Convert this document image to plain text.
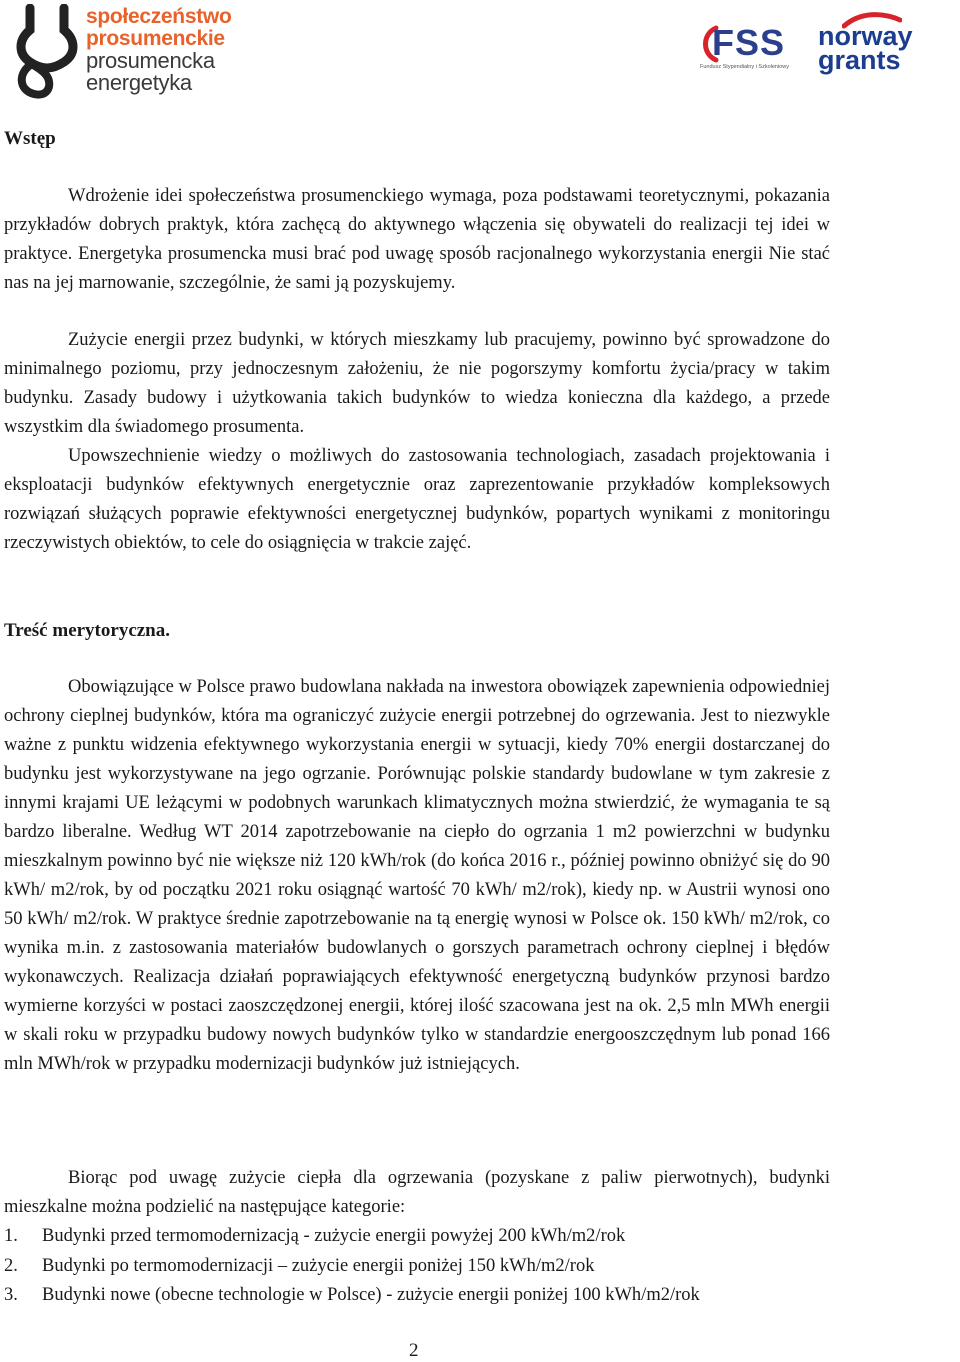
społeczeństwo
prosumenckie
prosumencka
energetyka
FSS
Fundusz Stypendialny i Szkoleniowy
norway
grants
Wstęp

Wdrożenie idei społeczeństwa prosumenckiego wymaga, poza podstawami teoretycznymi, pokazania przykładów dobrych praktyk, która zachęcą do aktywnego włączenia się obywateli do realizacji tej idei w praktyce. Energetyka prosumencka musi brać pod uwagę sposób racjonalnego wykorzystania energii Nie stać nas na jej marnowanie, szczególnie, że sami ją pozyskujemy.

Zużycie energii przez budynki, w których mieszkamy lub pracujemy, powinno być sprowadzone do minimalnego poziomu, przy jednoczesnym założeniu, że nie pogorszymy komfortu życia/pracy w takim budynku. Zasady budowy i użytkowania takich budynków to wiedza konieczna dla każdego, a przede wszystkim dla świadomego prosumenta.

Upowszechnienie wiedzy o możliwych do zastosowania technologiach, zasadach projektowania i eksploatacji budynków efektywnych energetycznie oraz zaprezentowanie przykładów kompleksowych rozwiązań służących poprawie efektywności energetycznej budynków, popartych wynikami z monitoringu rzeczywistych obiektów, to cele do osiągnięcia w trakcie zajęć.

Treść merytoryczna.

Obowiązujące w Polsce prawo budowlana nakłada na inwestora obowiązek zapewnienia odpowiedniej ochrony cieplnej budynków, która ma ograniczyć zużycie energii potrzebnej do ogrzewania. Jest to niezwykle ważne z punktu widzenia efektywnego wykorzystania energii w sytuacji, kiedy 70% energii dostarczanej do budynku jest wykorzystywane na jego ogrzanie. Porównując polskie standardy budowlane w tym zakresie z innymi krajami UE leżącymi w podobnych warunkach klimatycznych można stwierdzić, że wymagania te są bardzo liberalne. Według WT 2014 zapotrzebowanie na ciepło do ogrzania 1 m2 powierzchni w budynku mieszkalnym powinno być nie większe niż 120 kWh/rok (do końca 2016 r., później powinno obniżyć się do 90 kWh/ m2/rok, by od początku 2021 roku osiągnąć wartość 70 kWh/ m2/rok), kiedy np. w Austrii wynosi ono 50 kWh/ m2/rok. W praktyce średnie zapotrzebowanie na tą energię wynosi w Polsce ok. 150 kWh/ m2/rok, co wynika m.in. z zastosowania materiałów budowlanych o gorszych parametrach ochrony cieplnej i błędów wykonawczych. Realizacja działań poprawiających efektywność energetyczną budynków przynosi bardzo wymierne korzyści w postaci zaoszczędzonej energii, której ilość szacowana jest na ok. 2,5 mln MWh energii w skali roku w przypadku budowy nowych budynków tylko w standardzie energooszczędnym lub ponad 166 mln MWh/rok w przypadku modernizacji budynków już istniejących.

Biorąc pod uwagę zużycie ciepła dla ogrzewania (pozyskane z paliw pierwotnych), budynki mieszkalne można podzielić na następujące kategorie:

1.	Budynki przed termomodernizacją - zużycie energii powyżej 200 kWh/m2/rok
2.	Budynki po termomodernizacji – zużycie energii poniżej 150 kWh/m2/rok
3.	Budynki nowe (obecne technologie w Polsce) - zużycie energii poniżej 100 kWh/m2/rok
2
